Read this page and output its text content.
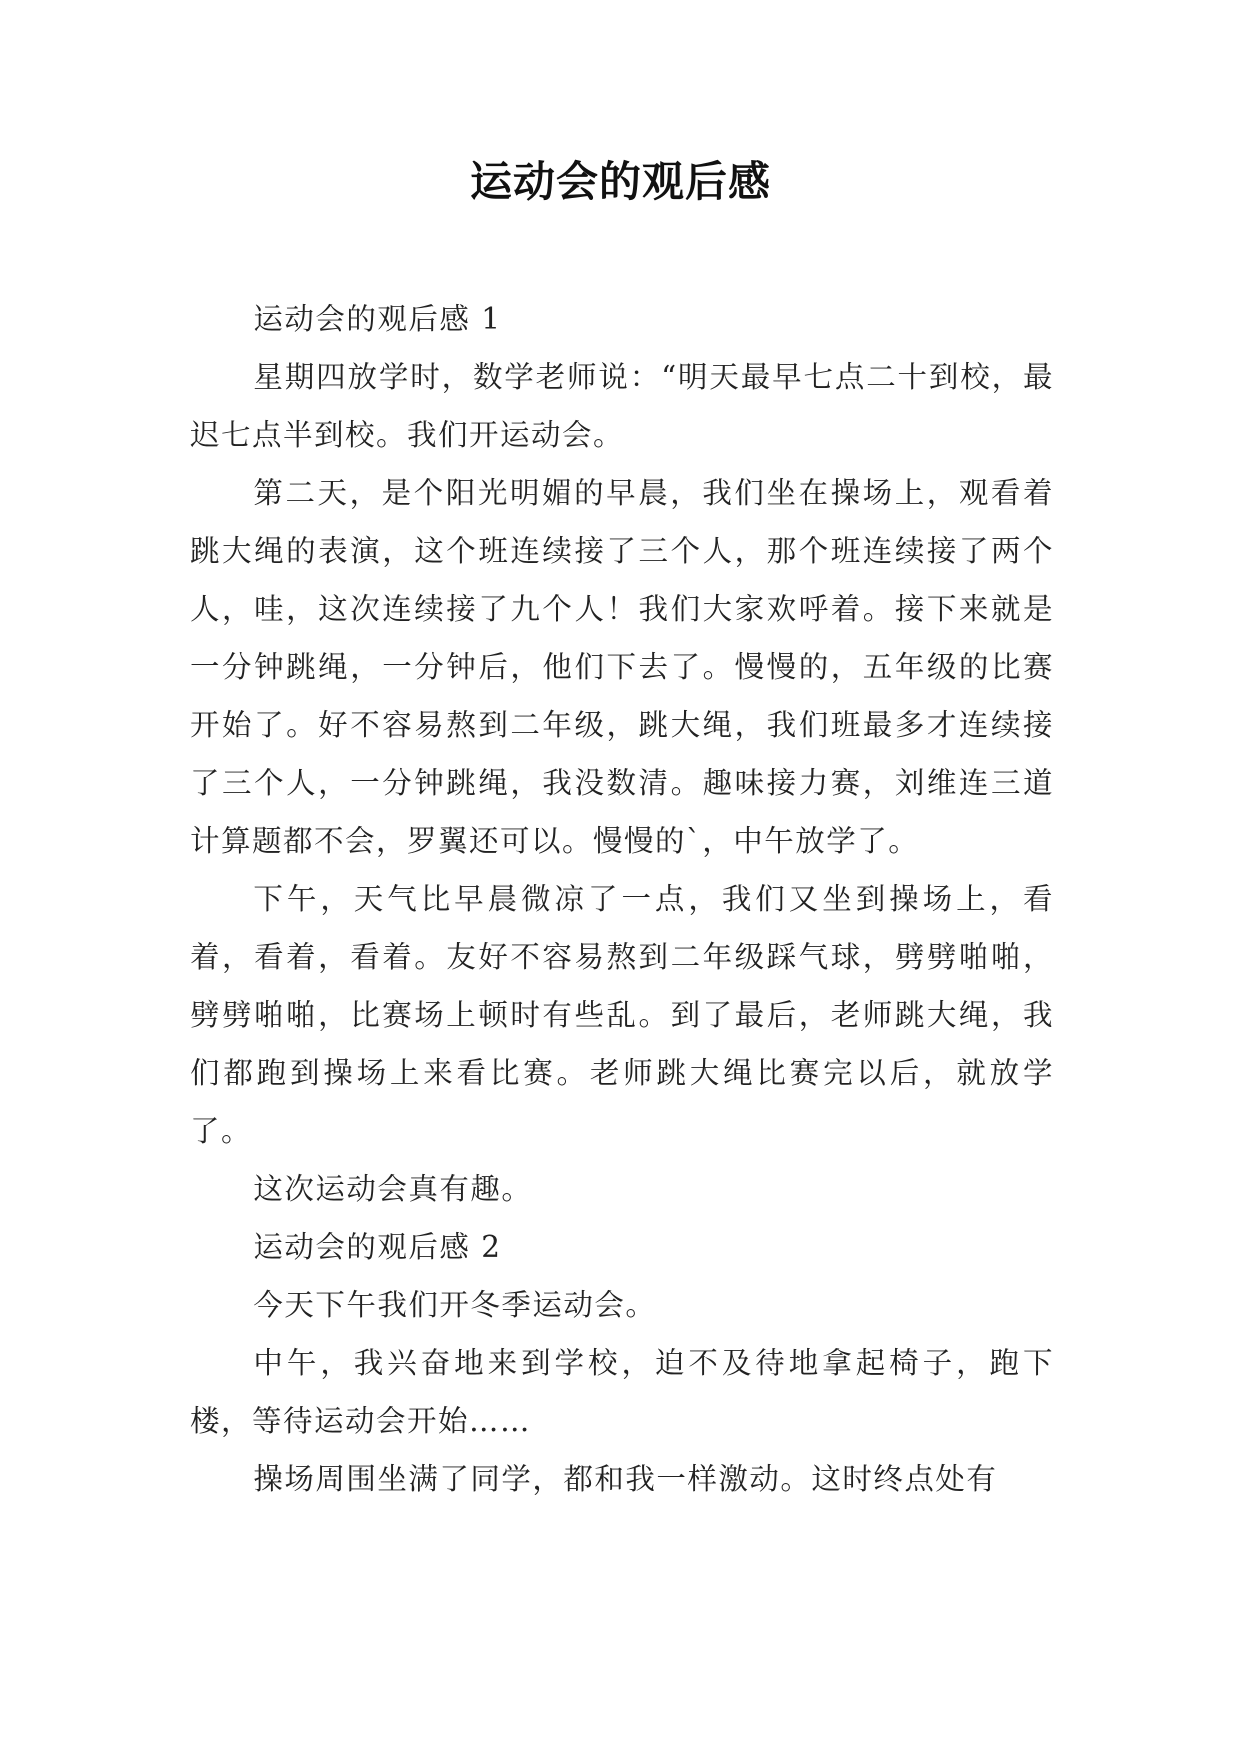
运动会的观后感

运动会的观后感 1

星期四放学时，数学老师说：“明天最早七点二十到校，最迟七点半到校。我们开运动会。

第二天，是个阳光明媚的早晨，我们坐在操场上，观看着跳大绳的表演，这个班连续接了三个人，那个班连续接了两个人，哇，这次连续接了九个人！我们大家欢呼着。接下来就是一分钟跳绳，一分钟后，他们下去了。慢慢的，五年级的比赛开始了。好不容易熬到二年级，跳大绳，我们班最多才连续接了三个人，一分钟跳绳，我没数清。趣味接力赛，刘维连三道计算题都不会，罗翼还可以。慢慢的`，中午放学了。

下午，天气比早晨微凉了一点，我们又坐到操场上，看着，看着，看着。友好不容易熬到二年级踩气球，劈劈啪啪，劈劈啪啪，比赛场上顿时有些乱。到了最后，老师跳大绳，我们都跑到操场上来看比赛。老师跳大绳比赛完以后，就放学了。

这次运动会真有趣。

运动会的观后感 2

今天下午我们开冬季运动会。

中午，我兴奋地来到学校，迫不及待地拿起椅子，跑下楼，等待运动会开始……

操场周围坐满了同学，都和我一样激动。这时终点处有
